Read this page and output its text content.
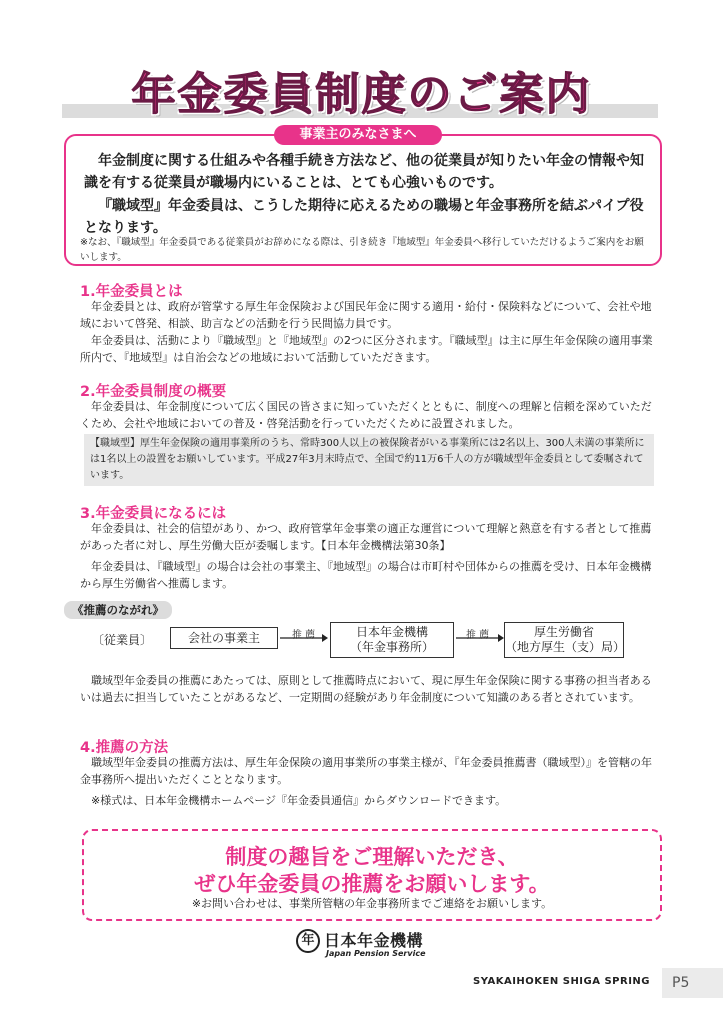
年金委員制度のご案内
事業主のみなさまへ

年金制度に関する仕組みや各種手続き方法など、他の従業員が知りたい年金の情報や知識を有する従業員が職場内にいることは、とても心強いものです。

『職域型』年金委員は、こうした期待に応えるための職場と年金事務所を結ぶパイプ役となります。

※なお、『職域型』年金委員である従業員がお辞めになる際は、引き続き『地域型』年金委員へ移行していただけるようご案内をお願いします。

1.年金委員とは

年金委員とは、政府が管掌する厚生年金保険および国民年金に関する適用・給付・保険料などについて、会社や地域において啓発、相談、助言などの活動を行う民間協力員です。

年金委員は、活動により『職域型』と『地域型』の2つに区分されます。『職域型』は主に厚生年金保険の適用事業所内で、『地域型』は自治会などの地域において活動していただきます。

2.年金委員制度の概要

年金委員は、年金制度について広く国民の皆さまに知っていただくとともに、制度への理解と信頼を深めていただくため、会社や地域においての普及・啓発活動を行っていただくために設置されました。

【職域型】厚生年金保険の適用事業所のうち、常時300人以上の被保険者がいる事業所には2名以上、300人未満の事業所には1名以上の設置をお願いしています。平成27年3月末時点で、全国で約11万6千人の方が職域型年金委員として委嘱されています。

3.年金委員になるには

年金委員は、社会的信望があり、かつ、政府管掌年金事業の適正な運営について理解と熱意を有する者として推薦があった者に対し、厚生労働大臣が委嘱します。【日本年金機構法第30条】

年金委員は、『職域型』の場合は会社の事業主、『地域型』の場合は市町村や団体からの推薦を受け、日本年金機構から厚生労働省へ推薦します。

《推薦のながれ》
〔従業員〕	会社の事業主	推 薦	日本年金機構
（年金事務所）
推 薦	厚生労働省
（地方厚生（支）局）

職域型年金委員の推薦にあたっては、原則として推薦時点において、現に厚生年金保険に関する事務の担当者あるいは過去に担当していたことがあるなど、一定期間の経験があり年金制度について知識のある者とされています。

4.推薦の方法

職域型年金委員の推薦方法は、厚生年金保険の適用事業所の事業主様が、『年金委員推薦書（職域型）』を管轄の年金事務所へ提出いただくこととなります。

※様式は、日本年金機構ホームページ『年金委員通信』からダウンロードできます。

制度の趣旨をご理解いただき、

ぜひ年金委員の推薦をお願いします。

※お問い合わせは、事業所管轄の年金事務所までご連絡をお願いします。

年 日本年金機構
Japan Pension Service
SYAKAIHOKEN SHIGA SPRING	P5
